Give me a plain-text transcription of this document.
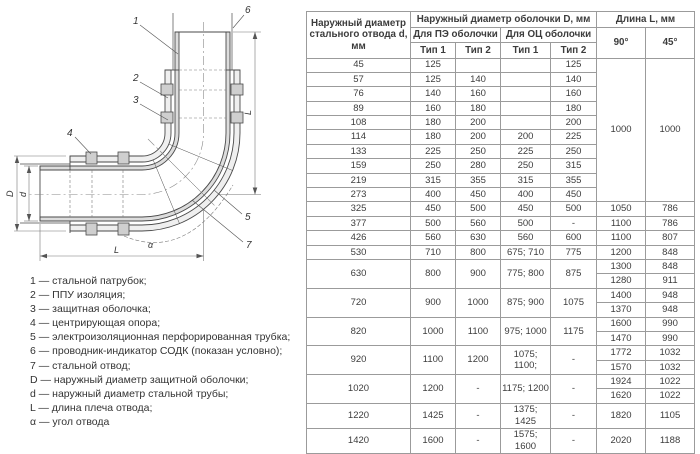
1
6
2
3
4
5
7
α
L
L
D d
1 — стальной патрубок;
2 — ППУ изоляция;
3 — защитная оболочка;
4 — центрирующая опора;
5 — электроизоляционная перфорированная трубка;
6 — проводник-индикатор СОДК (показан условно);
7 — стальной отвод;
D — наружный диаметр защитной оболочки;
d — наружный диаметр стальной трубы;
L — длина плеча отвода;
α — угол отвода
Наружный диаметр стального отвода d, мм	Наружный диаметр оболочки D, мм				Длина L, мм	
	Для ПЭ оболочки		Для ОЦ оболочки		90°	45°
	Тип 1	Тип 2	Тип 1	Тип 2		
45	125			125	1000	1000
57	125	140		140		
76	140	160		160		
89	160	180		180		
108	180	200		200		
114	180	200	200	225		
133	225	250	225	250		
159	250	280	250	315		
219	315	355	315	355		
273	400	450	400	450		
325	450	500	450	500	1050	786
377	500	560	500	-	1100	786
426	560	630	560	600	1100	807
530	710	800	675; 710	775	1200	848
630	800	900	775; 800	875	1300	848
					1280	911
720	900	1000	875; 900	1075	1400	948
					1370	948
820	1000	1100	975; 1000	1175	1600	990
					1470	990
920	1100	1200	1075; 1100;	-	1772	1032
					1570	1032
1020	1200	-	1175; 1200	-	1924	1022
					1620	1022
1220	1425	-	1375; 1425	-	1820	1105
1420	1600	-	1575; 1600	-	2020	1188
